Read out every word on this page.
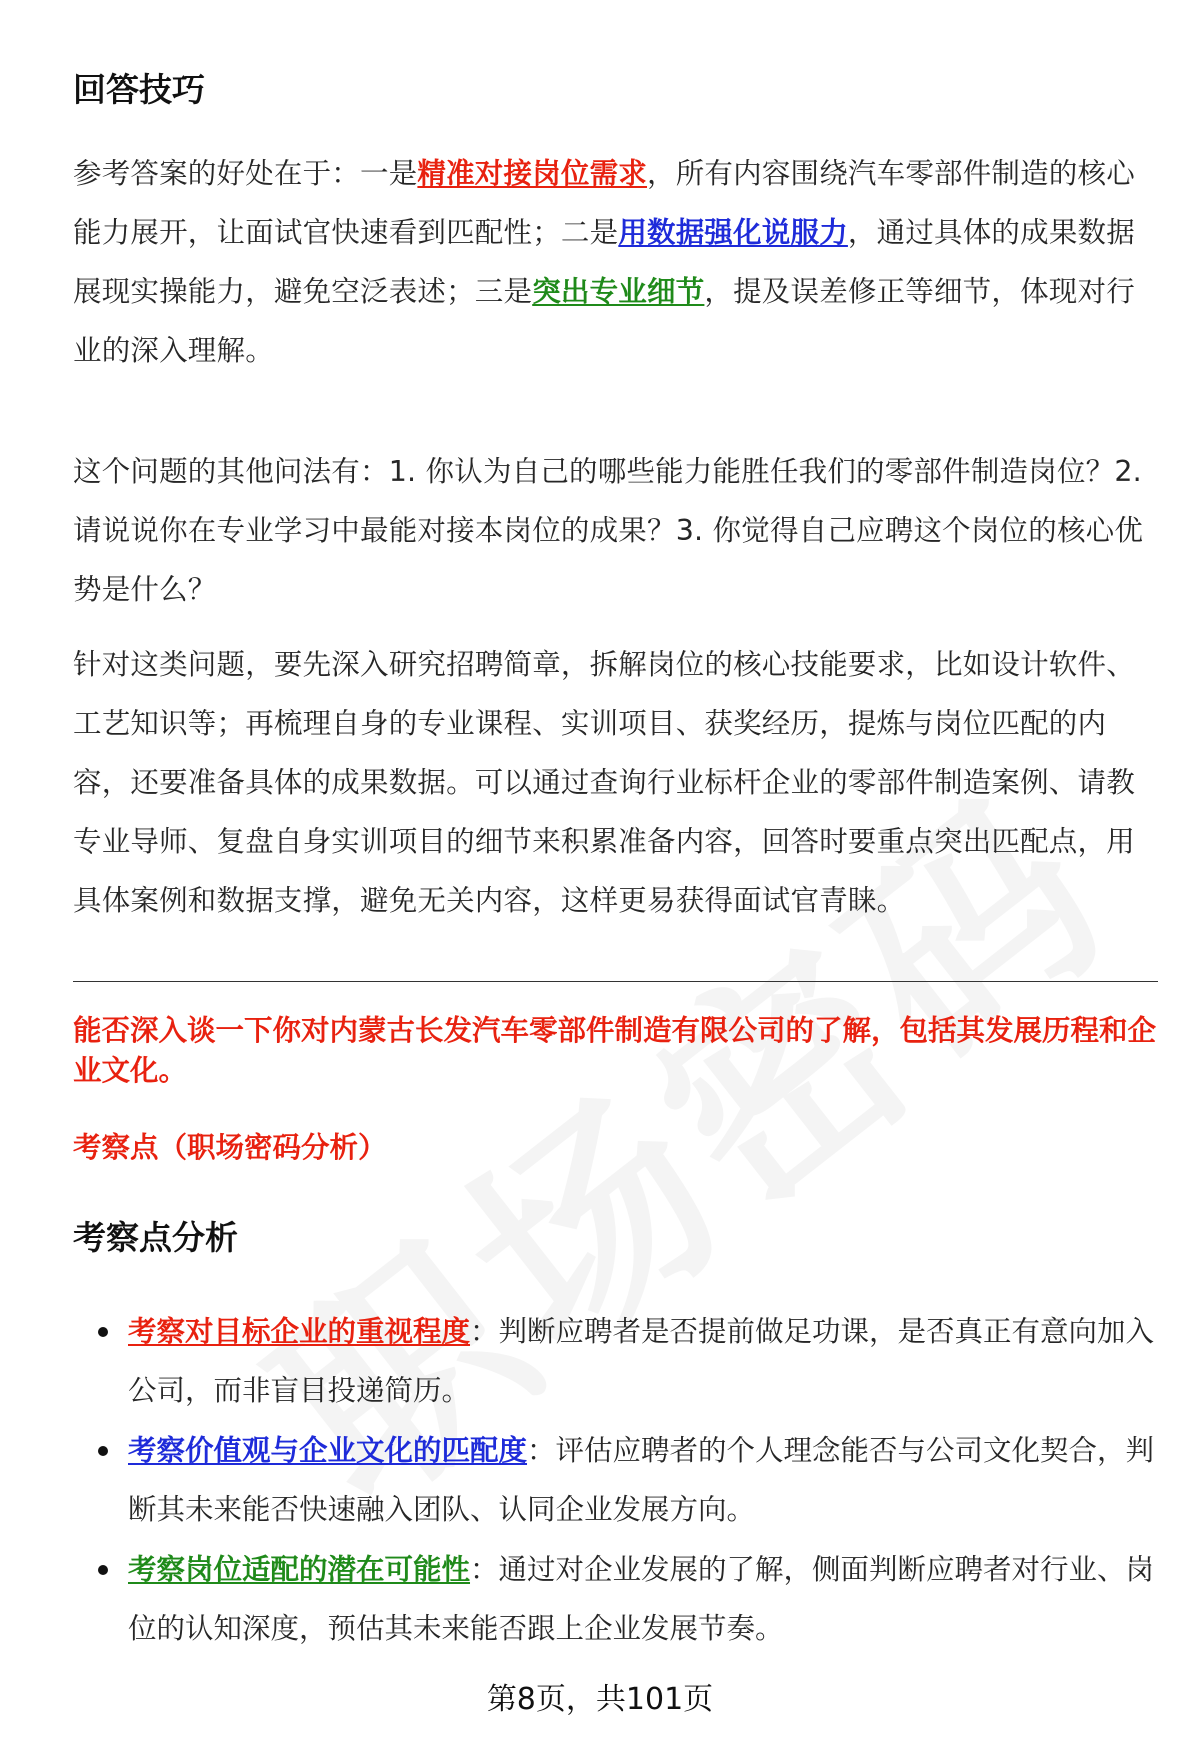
回答技巧

参考答案的好处在于：一是精准对接岗位需求，所有内容围绕汽车零部件制造的核心能力展开，让面试官快速看到匹配性；二是用数据强化说服力，通过具体的成果数据展现实操能力，避免空泛表述；三是突出专业细节，提及误差修正等细节，体现对行业的深入理解。

这个问题的其他问法有：1. 你认为自己的哪些能力能胜任我们的零部件制造岗位？2. 请说说你在专业学习中最能对接本岗位的成果？3. 你觉得自己应聘这个岗位的核心优势是什么？

针对这类问题，要先深入研究招聘简章，拆解岗位的核心技能要求，比如设计软件、工艺知识等；再梳理自身的专业课程、实训项目、获奖经历，提炼与岗位匹配的内容，还要准备具体的成果数据。可以通过查询行业标杆企业的零部件制造案例、请教专业导师、复盘自身实训项目的细节来积累准备内容，回答时要重点突出匹配点，用具体案例和数据支撑，避免无关内容，这样更易获得面试官青睐。

能否深入谈一下你对内蒙古长发汽车零部件制造有限公司的了解，包括其发展历程和企业文化。

考察点（职场密码分析）

考察点分析
考察对目标企业的重视程度：判断应聘者是否提前做足功课，是否真正有意向加入公司，而非盲目投递简历。
考察价值观与企业文化的匹配度：评估应聘者的个人理念能否与公司文化契合，判断其未来能否快速融入团队、认同企业发展方向。
考察岗位适配的潜在可能性：通过对企业发展的了解，侧面判断应聘者对行业、岗位的认知深度，预估其未来能否跟上企业发展节奏。
第8页，共101页
